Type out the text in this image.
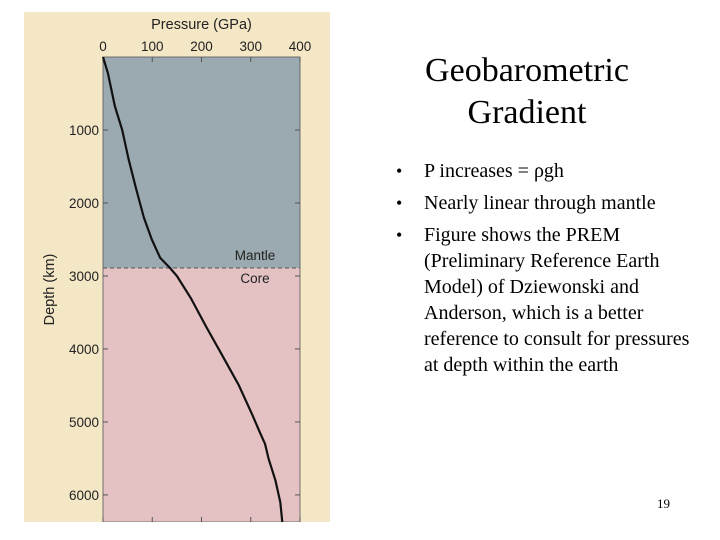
0	100 200 300 400
1000
2000
3000
4000
5000
6000
Pressure (GPa)
Depth (km)	Mantle
Core
Geobarometric
Gradient
• P increases = ρgh
• Nearly linear through mantle
• Figure shows the PREM (Preliminary Reference Earth Model) of Dziewonski and Anderson, which is a better reference to consult for pressures at depth within the earth
19
